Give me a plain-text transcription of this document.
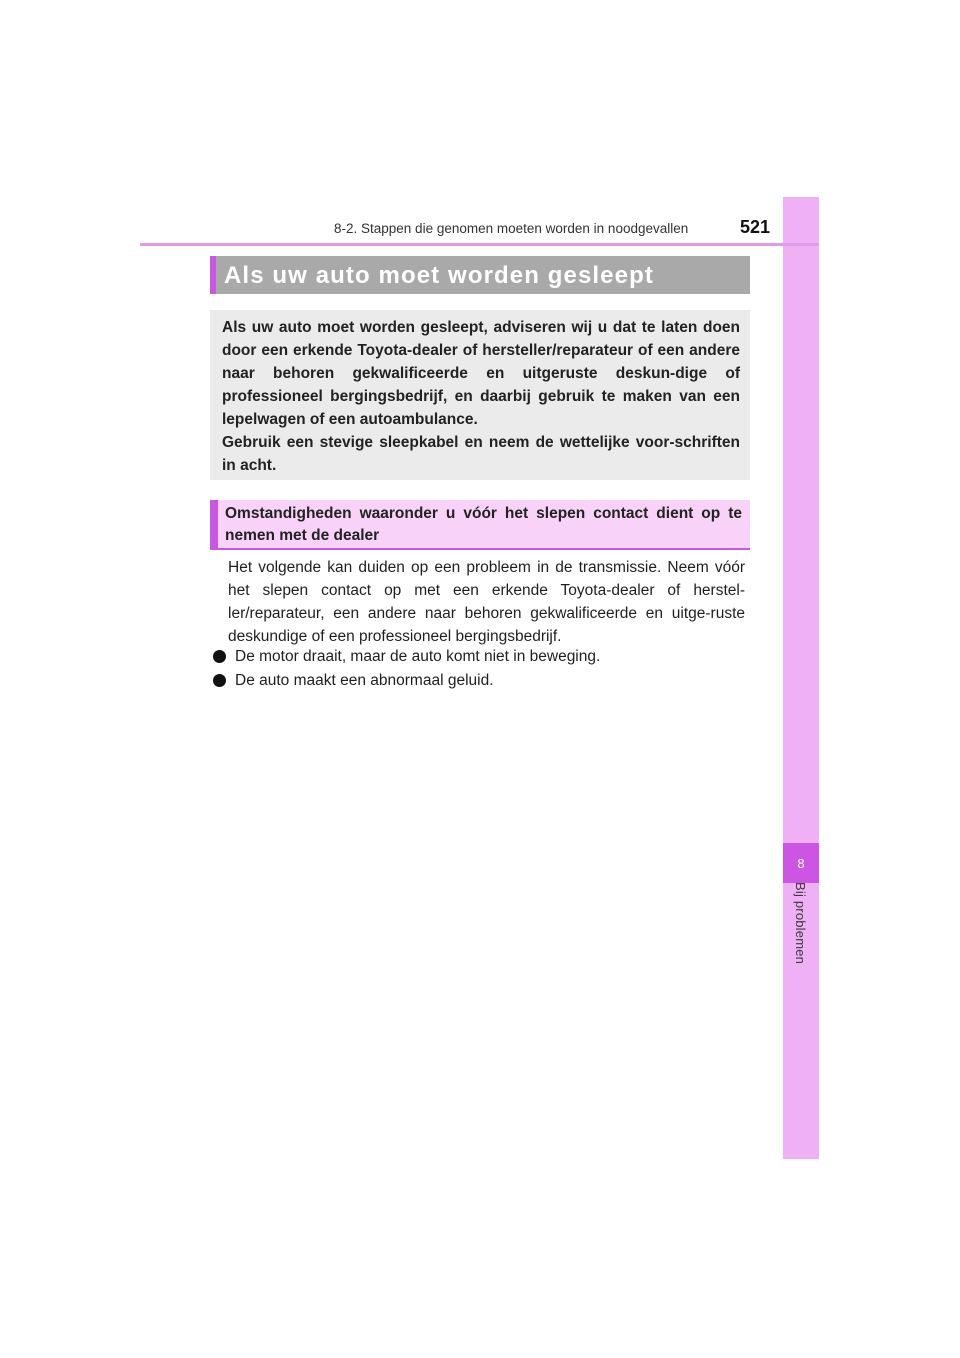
8
Bij problemen
8-2. Stappen die genomen moeten worden in noodgevallen	521
Als uw auto moet worden gesleept

Als uw auto moet worden gesleept, adviseren wij u dat te laten doen door een erkende Toyota-dealer of hersteller/reparateur of een andere naar behoren gekwalificeerde en uitgeruste deskun-dige of professioneel bergingsbedrijf, en daarbij gebruik te maken van een lepelwagen of een autoambulance.

Gebruik een stevige sleepkabel en neem de wettelijke voor-schriften in acht.

Omstandigheden waaronder u vóór het slepen contact dient op te nemen met de dealer

Het volgende kan duiden op een probleem in de transmissie. Neem vóór het slepen contact op met een erkende Toyota-dealer of herstel-ler/reparateur, een andere naar behoren gekwalificeerde en uitge-ruste deskundige of een professioneel bergingsbedrijf.

De motor draait, maar de auto komt niet in beweging.
De auto maakt een abnormaal geluid.
